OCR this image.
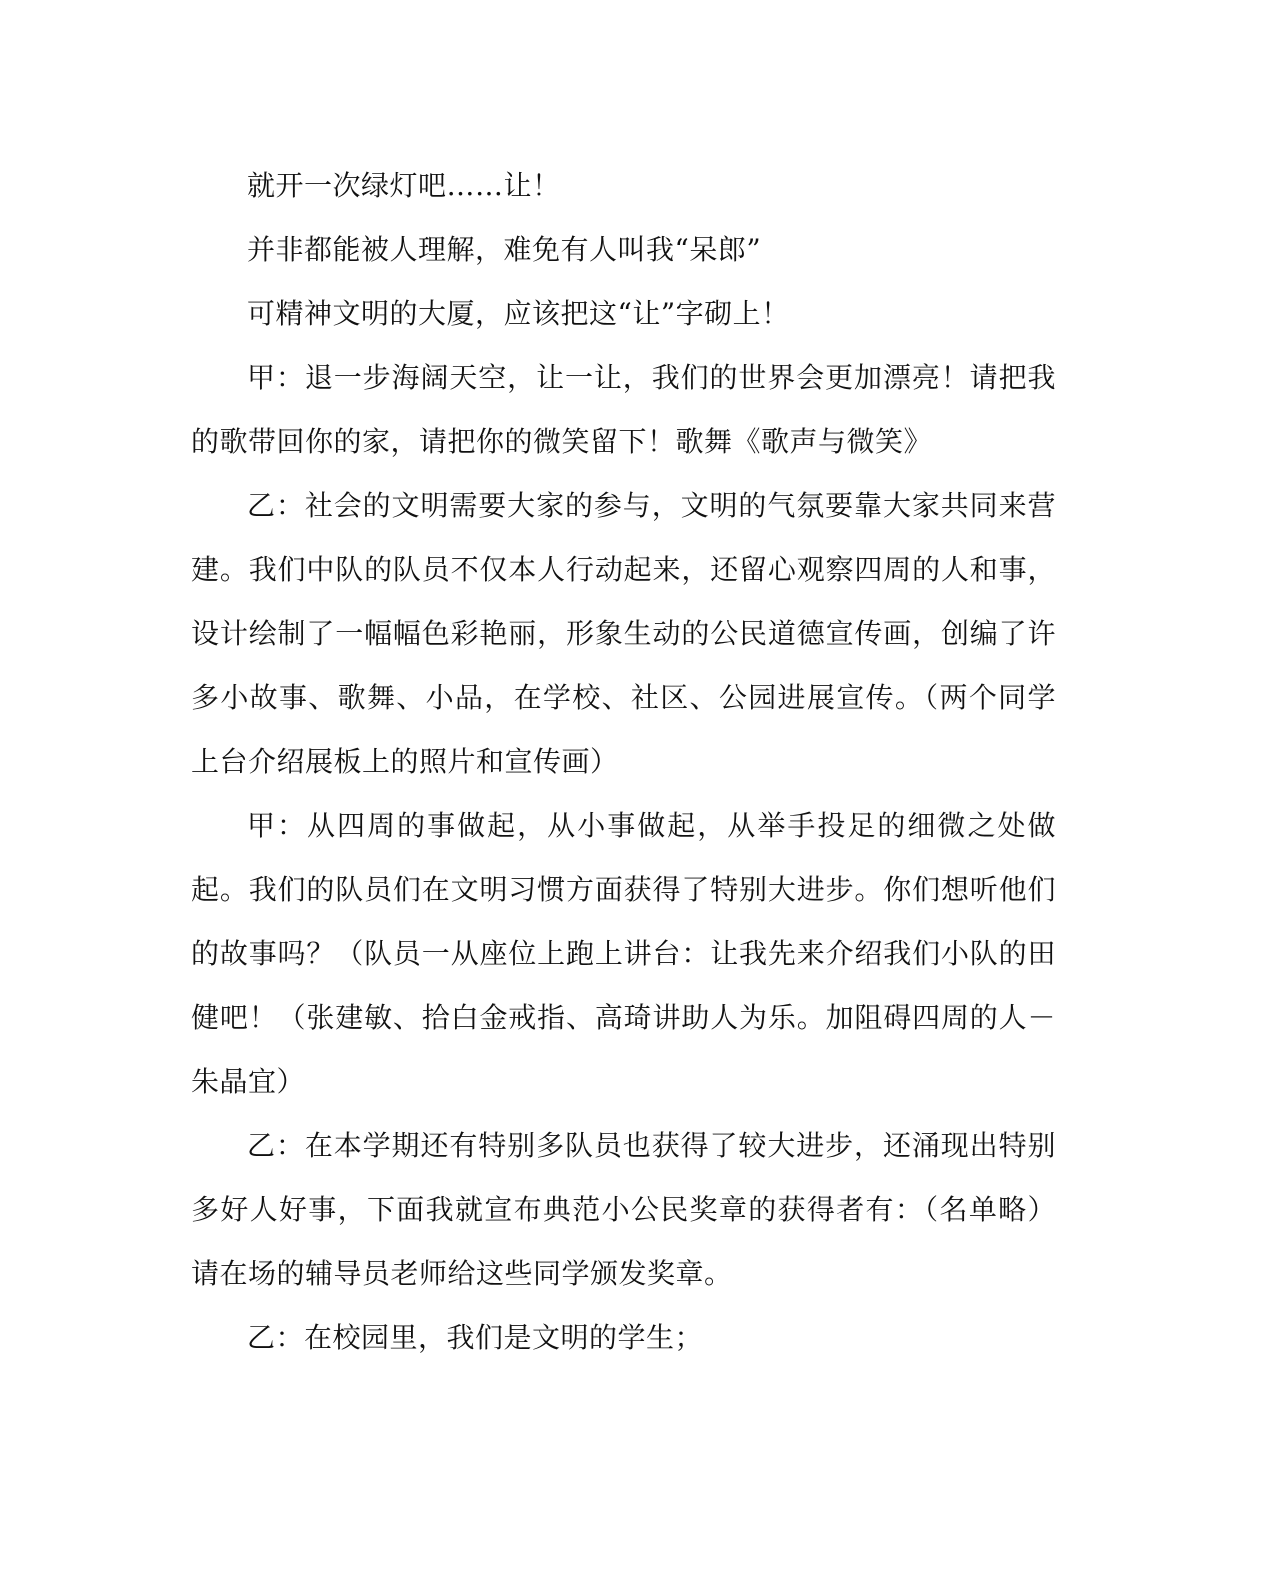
就开一次绿灯吧……让！

并非都能被人理解，难免有人叫我“呆郎”

可精神文明的大厦，应该把这“让”字砌上！

甲：退一步海阔天空，让一让，我们的世界会更加漂亮！请把我的歌带回你的家，请把你的微笑留下！歌舞《歌声与微笑》

乙：社会的文明需要大家的参与，文明的气氛要靠大家共同来营建。我们中队的队员不仅本人行动起来，还留心观察四周的人和事，设计绘制了一幅幅色彩艳丽，形象生动的公民道德宣传画，创编了许多小故事、歌舞、小品，在学校、社区、公园进展宣传。（两个同学上台介绍展板上的照片和宣传画）

甲：从四周的事做起，从小事做起，从举手投足的细微之处做起。我们的队员们在文明习惯方面获得了特别大进步。你们想听他们的故事吗？（队员一从座位上跑上讲台：让我先来介绍我们小队的田健吧！（张建敏、拾白金戒指、高琦讲助人为乐。加阻碍四周的人－朱晶宜）

乙：在本学期还有特别多队员也获得了较大进步，还涌现出特别多好人好事，下面我就宣布典范小公民奖章的获得者有：（名单略）请在场的辅导员老师给这些同学颁发奖章。

乙：在校园里，我们是文明的学生；
